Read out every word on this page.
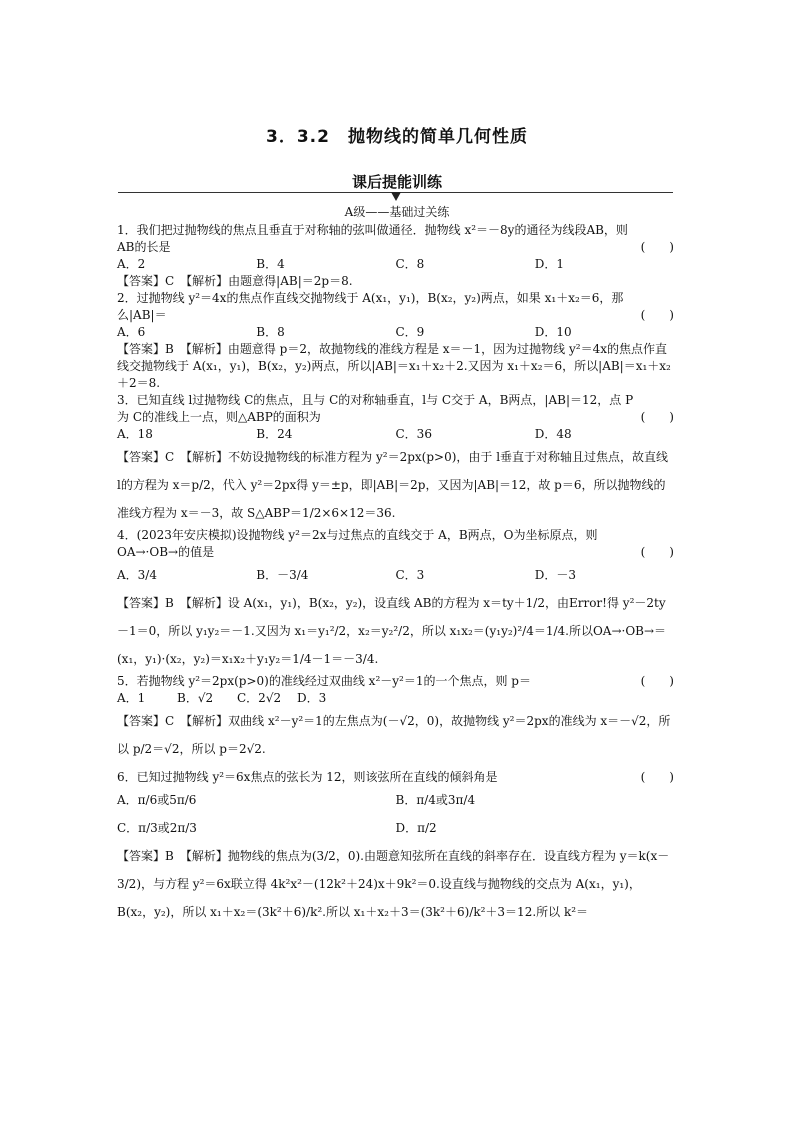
3．3.2　抛物线的简单几何性质
课后提能训练
A级——基础过关练
1．我们把过抛物线的焦点且垂直于对称轴的弦叫做通径．抛物线 x²＝－8y的通径为线段AB，则 AB的长是	(　　)
A．2	B．4	C．8	D．1
【答案】C　【解析】由题意得|AB|＝2p＝8.
2．过抛物线 y²＝4x的焦点作直线交抛物线于 A(x₁，y₁)，B(x₂，y₂)两点，如果 x₁＋x₂＝6，那么|AB|＝	(　　)
A．6	B．8	C．9	D．10
【答案】B　【解析】由题意得 p＝2，故抛物线的准线方程是 x＝－1，因为过抛物线 y²＝4x的焦点作直线交抛物线于 A(x₁，y₁)，B(x₂，y₂)两点，所以|AB|＝x₁＋x₂＋2.又因为 x₁＋x₂＝6，所以|AB|＝x₁＋x₂＋2＝8.
3．已知直线 l过抛物线 C的焦点，且与 C的对称轴垂直，l与 C交于 A，B两点，|AB|＝12，点 P为 C的准线上一点，则△ABP的面积为	(　　)
A．18	B．24	C．36	D．48
【答案】C　【解析】不妨设抛物线的标准方程为 y²＝2px(p>0)，由于 l垂直于对称轴且过焦点，故直线 l的方程为 x＝p/2，代入 y²＝2px得 y＝±p，即|AB|＝2p，又因为|AB|＝12，故 p＝6，所以抛物线的准线方程为 x＝－3，故 S△ABP＝1/2×6×12＝36.
4．(2023年安庆模拟)设抛物线 y²＝2x与过焦点的直线交于 A，B两点，O为坐标原点，则 OA→·OB→的值是	(　　)
A．3/4	B．－3/4	C．3	D．－3
【答案】B　【解析】设 A(x₁，y₁)，B(x₂，y₂)，设直线 AB的方程为 x＝ty＋1/2，由Error!得 y²－2ty－1＝0，所以 y₁y₂＝－1.又因为 x₁＝y₁²/2，x₂＝y₂²/2，所以 x₁x₂＝(y₁y₂)²/4＝1/4.所以OA→·OB→＝(x₁，y₁)·(x₂，y₂)＝x₁x₂＋y₁y₂＝1/4－1＝－3/4.
5．若抛物线 y²＝2px(p>0)的准线经过双曲线 x²－y²＝1的一个焦点，则 p＝	(　　)
A．1	B．√2	C．2√2	D．3
【答案】C　【解析】双曲线 x²－y²＝1的左焦点为(－√2，0)，故抛物线 y²＝2px的准线为 x＝－√2，所以 p/2＝√2，所以 p＝2√2.
6．已知过抛物线 y²＝6x焦点的弦长为 12，则该弦所在直线的倾斜角是	(　　)
A．π/6或5π/6	B．π/4或3π/4
C．π/3或2π/3	D．π/2
【答案】B　【解析】抛物线的焦点为(3/2，0).由题意知弦所在直线的斜率存在．设直线方程为 y＝k(x－3/2)，与方程 y²＝6x联立得 4k²x²－(12k²＋24)x＋9k²＝0.设直线与抛物线的交点为 A(x₁，y₁)，B(x₂，y₂)，所以 x₁＋x₂＝(3k²＋6)/k².所以 x₁＋x₂＋3＝(3k²＋6)/k²＋3＝12.所以 k²＝
